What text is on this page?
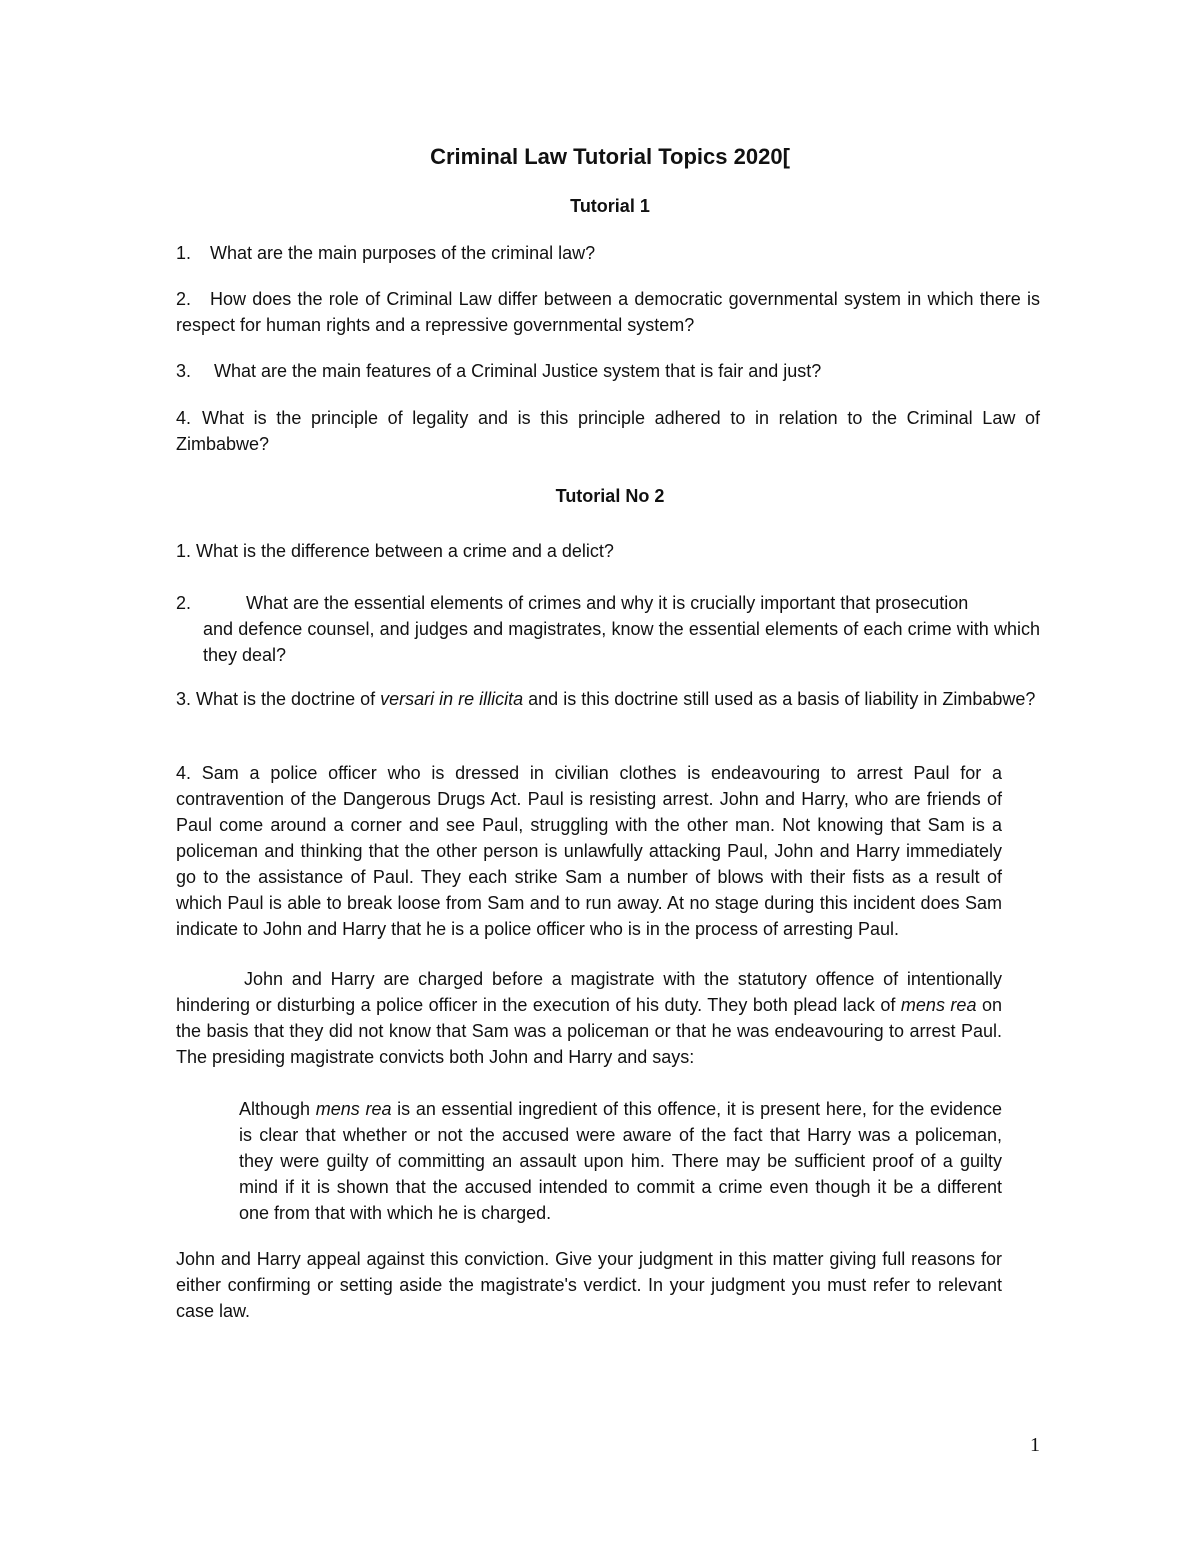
Criminal Law Tutorial Topics 2020[
Tutorial 1

1. What are the main purposes of the criminal law?

2. How does the role of Criminal Law differ between a democratic governmental system in which there is respect for human rights and a repressive governmental system?

3. What are the main features of a Criminal Justice system that is fair and just?

4. What is the principle of legality and is this principle adhered to in relation to the Criminal Law of Zimbabwe?

Tutorial No 2

1. What is the difference between a crime and a delict?

2.	What are the essential elements of crimes and why it is crucially important that prosecution
and defence counsel, and judges and magistrates, know the essential elements of each crime with which they deal?

3. What is the doctrine of versari in re illicita and is this doctrine still used as a basis of liability in Zimbabwe?

4. Sam a police officer who is dressed in civilian clothes is endeavouring to arrest Paul for a contravention of the Dangerous Drugs Act. Paul is resisting arrest. John and Harry, who are friends of Paul come around a corner and see Paul, struggling with the other man. Not knowing that Sam is a policeman and thinking that the other person is unlawfully attacking Paul, John and Harry immediately go to the assistance of Paul. They each strike Sam a number of blows with their fists as a result of which Paul is able to break loose from Sam and to run away. At no stage during this incident does Sam indicate to John and Harry that he is a police officer who is in the process of arresting Paul.

John and Harry are charged before a magistrate with the statutory offence of intentionally hindering or disturbing a police officer in the execution of his duty. They both plead lack of mens rea on the basis that they did not know that Sam was a policeman or that he was endeavouring to arrest Paul. The presiding magistrate convicts both John and Harry and says:

Although mens rea is an essential ingredient of this offence, it is present here, for the evidence is clear that whether or not the accused were aware of the fact that Harry was a policeman, they were guilty of committing an assault upon him. There may be sufficient proof of a guilty mind if it is shown that the accused intended to commit a crime even though it be a different one from that with which he is charged.

John and Harry appeal against this conviction. Give your judgment in this matter giving full reasons for either confirming or setting aside the magistrate's verdict. In your judgment you must refer to relevant case law.

1
